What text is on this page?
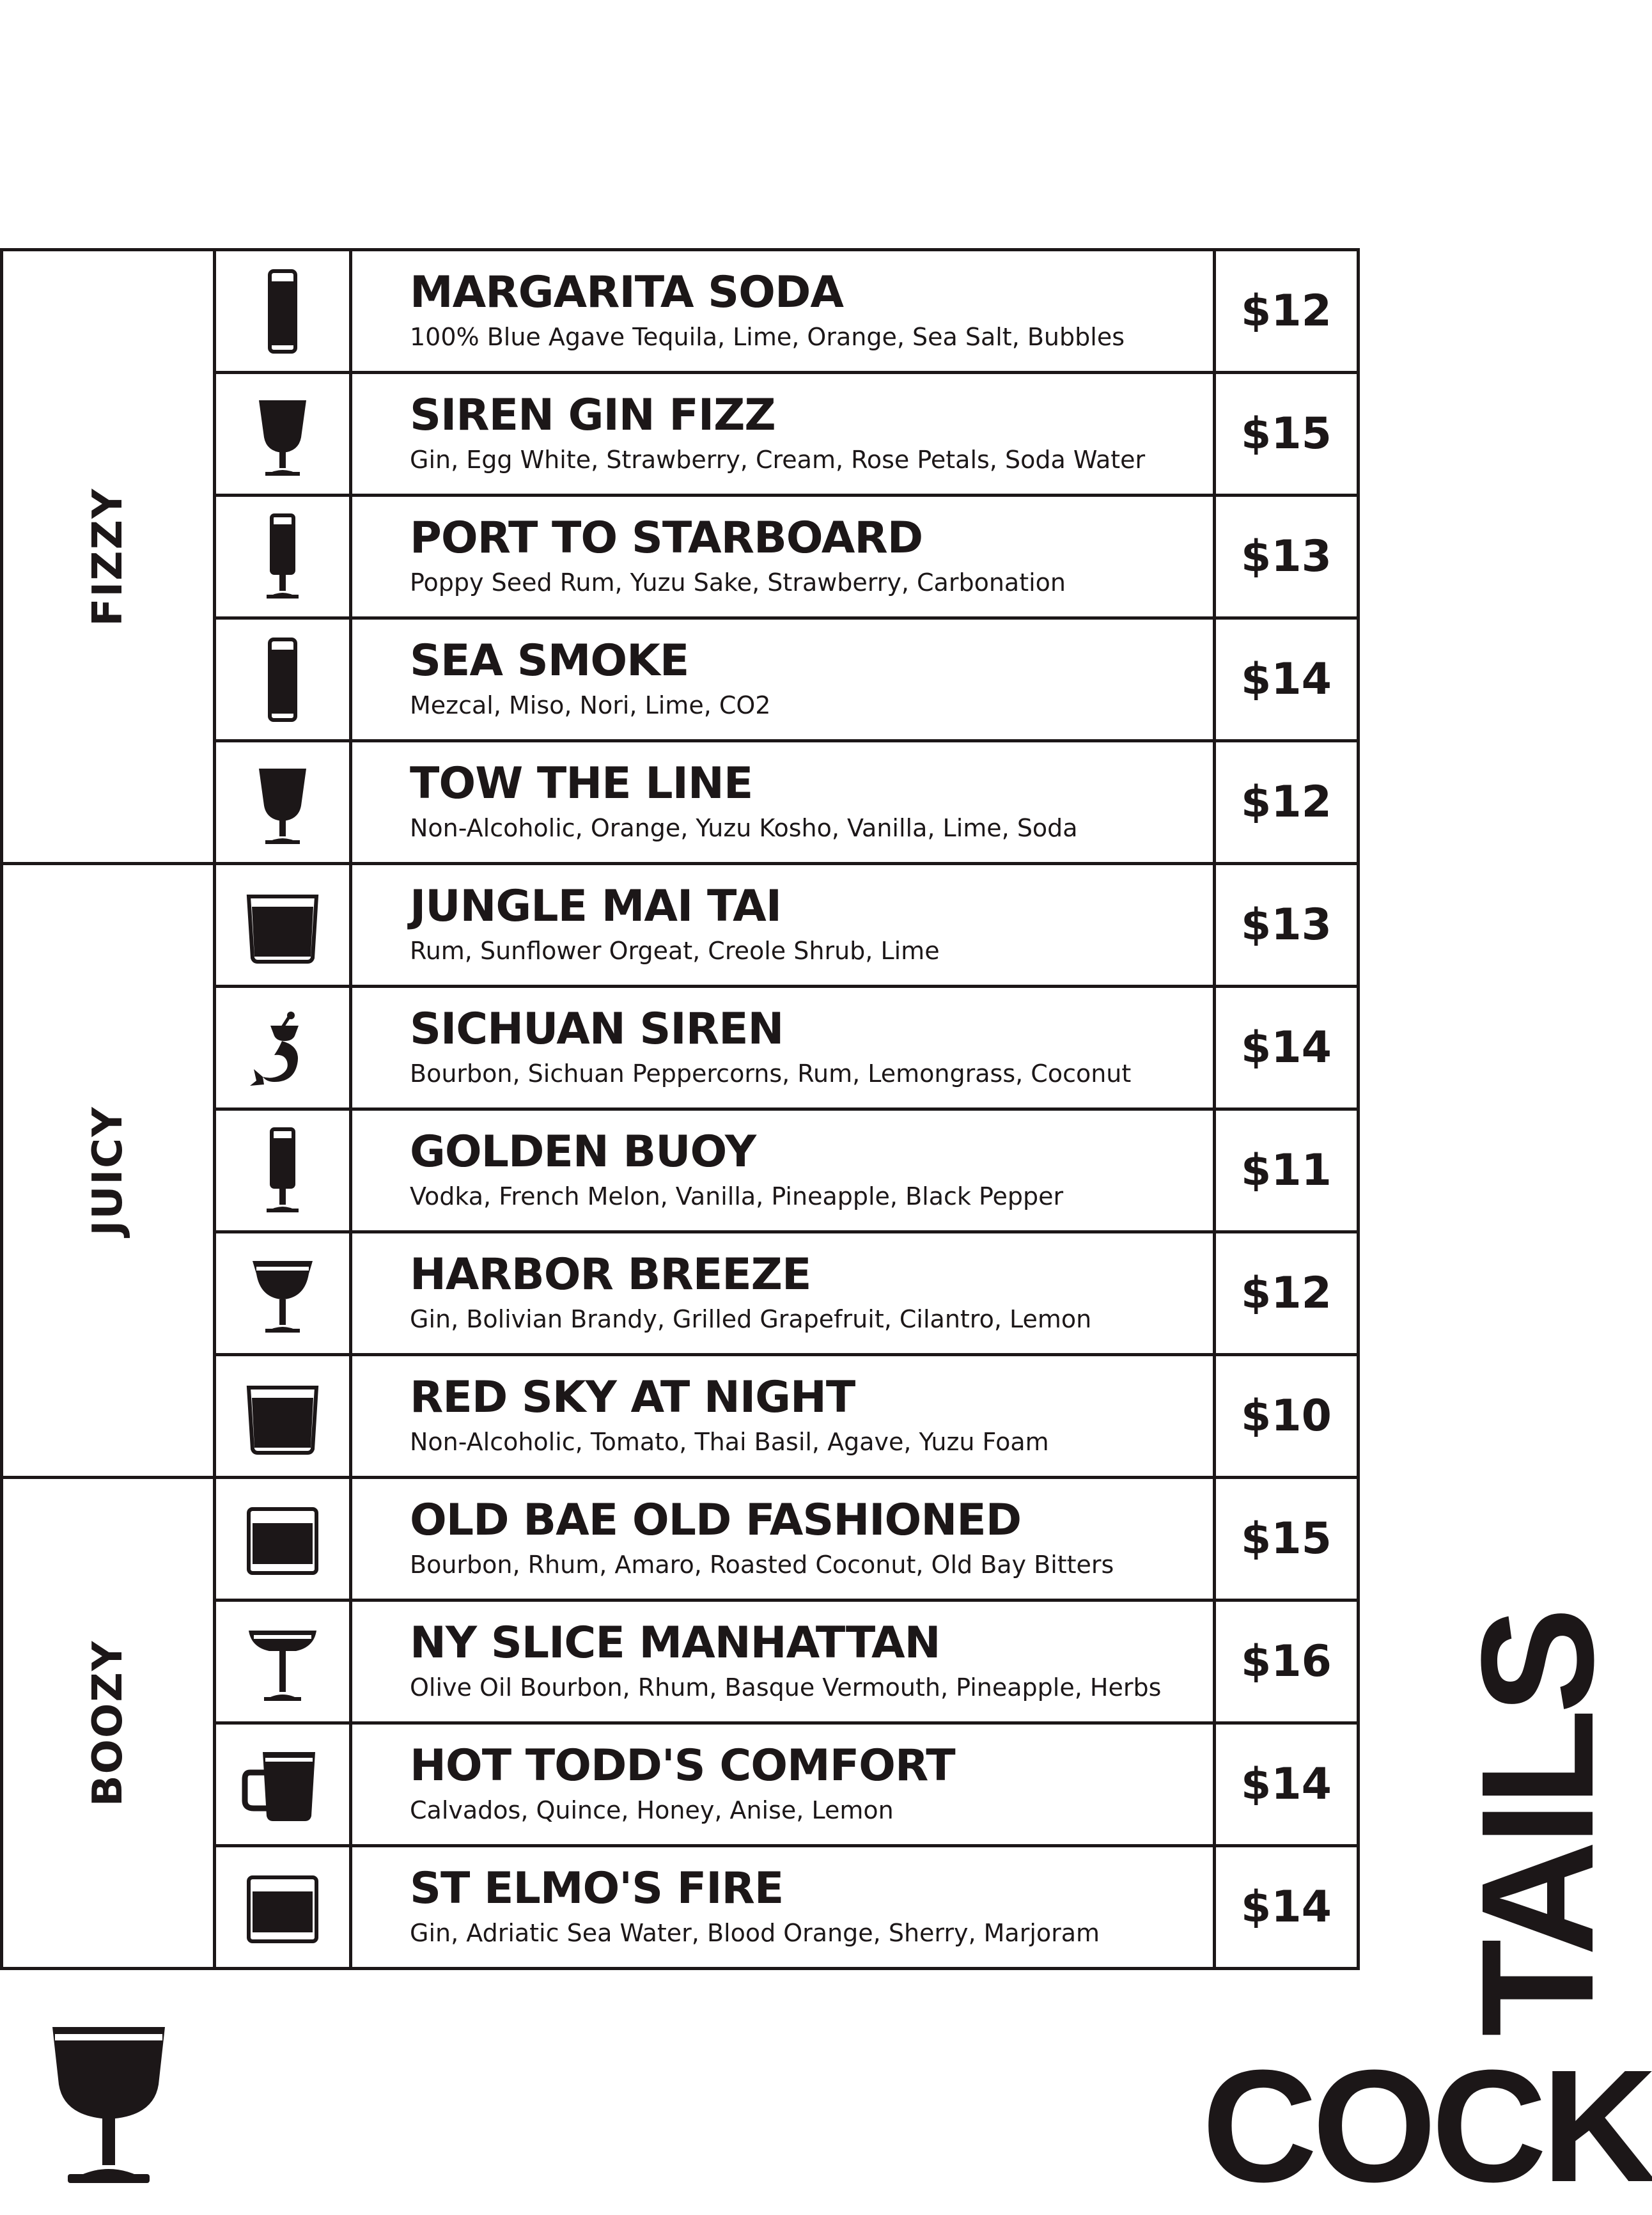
FIZZY		MARGARITA SODA
100% Blue Agave Tequila, Lime, Orange, Sea Salt, Bubbles	$12

SIREN GIN FIZZ
Gin, Egg White, Strawberry, Cream, Rose Petals, Soda Water	$15

PORT TO STARBOARD
Poppy Seed Rum, Yuzu Sake, Strawberry, Carbonation	$13

SEA SMOKE
Mezcal, Miso, Nori, Lime, CO2	$14

TOW THE LINE
Non-Alcoholic, Orange, Yuzu Kosho, Vanilla, Lime, Soda	$12

JUICY		JUNGLE MAI TAI
Rum, Sunflower Orgeat, Creole Shrub, Lime	$13

SICHUAN SIREN
Bourbon, Sichuan Peppercorns, Rum, Lemongrass, Coconut	$14

GOLDEN BUOY
Vodka, French Melon, Vanilla, Pineapple, Black Pepper	$11

HARBOR BREEZE
Gin, Bolivian Brandy, Grilled Grapefruit, Cilantro, Lemon	$12

RED SKY AT NIGHT
Non-Alcoholic, Tomato, Thai Basil, Agave, Yuzu Foam	$10

BOOZY		OLD BAE OLD FASHIONED
Bourbon, Rhum, Amaro, Roasted Coconut, Old Bay Bitters	$15

NY SLICE MANHATTAN
Olive Oil Bourbon, Rhum, Basque Vermouth, Pineapple, Herbs	$16

HOT TODD'S COMFORT
Calvados, Quince, Honey, Anise, Lemon	$14

ST ELMO'S FIRE
Gin, Adriatic Sea Water, Blood Orange, Sherry, Marjoram	$14
COCK
TAILS
